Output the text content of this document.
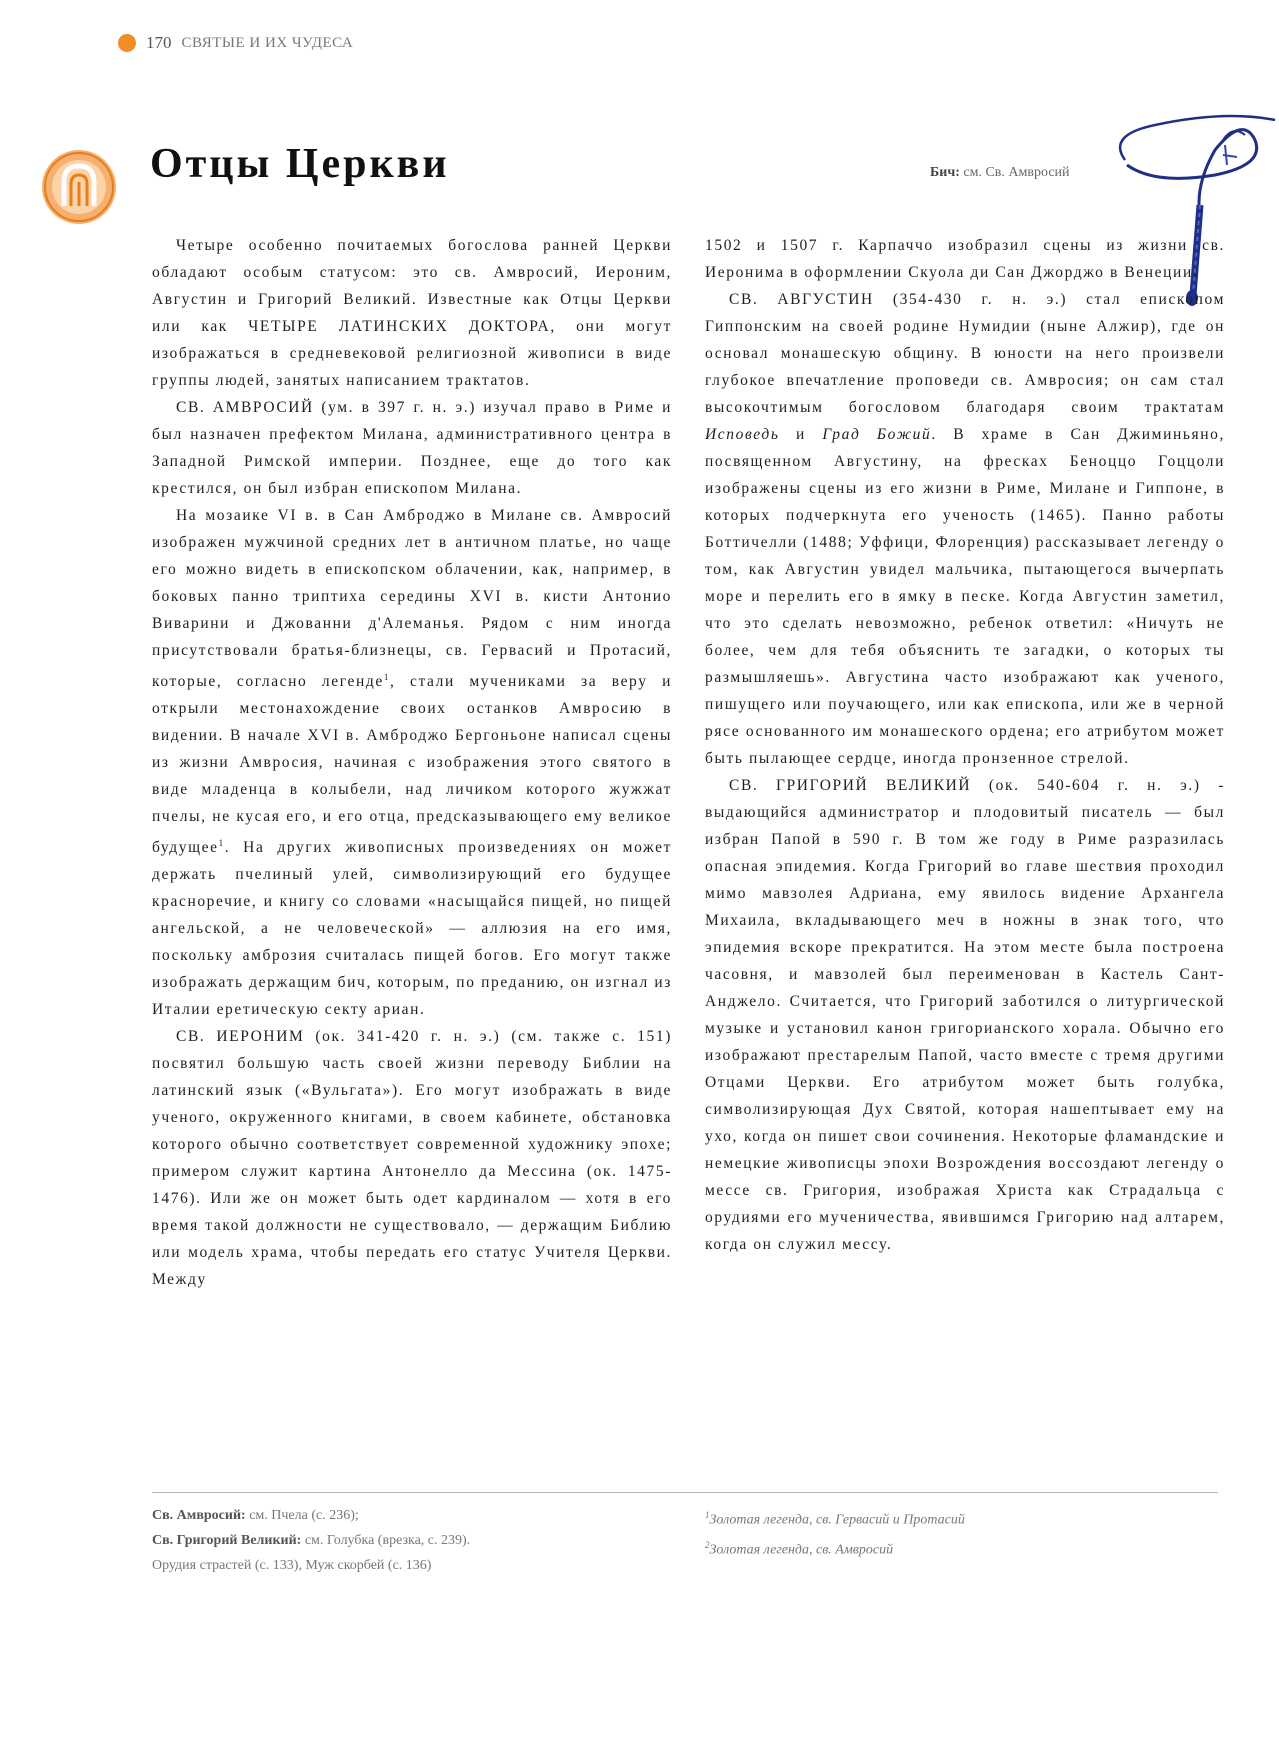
170 СВЯТЫЕ И ИХ ЧУДЕСА
Отцы Церкви	Бич: см. Св. Амвросий

Четыре особенно почитаемых богослова ранней Церкви обладают особым статусом: это св. Амвросий, Иероним, Августин и Григорий Великий. Известные как Отцы Церкви или как ЧЕТЫРЕ ЛАТИНСКИХ ДОКТОРА, они могут изображаться в средневековой религиозной живописи в виде группы людей, занятых написанием трактатов.

СВ. АМВРОСИЙ (ум. в 397 г. н. э.) изучал право в Риме и был назначен префектом Милана, административного центра в Западной Римской империи. Позднее, еще до того как крестился, он был избран епископом Милана.

На мозаике VI в. в Сан Амброджо в Милане св. Амвросий изображен мужчиной средних лет в античном платье, но чаще его можно видеть в епископском облачении, как, например, в боковых панно триптиха середины XVI в. кисти Антонио Виварини и Джованни д'Алеманья. Рядом с ним иногда присутствовали братья-близнецы, св. Гервасий и Протасий, которые, согласно легенде$^1$, стали мучениками за веру и открыли местонахождение своих останков Амвросию в видении. В начале XVI в. Амброджо Бергоньоне написал сцены из жизни Амвросия, начиная с изображения этого святого в виде младенца в колыбели, над личиком которого жужжат пчелы, не кусая его, и его отца, предсказывающего ему великое будущее$^1$. На других живописных произведениях он может держать пчелиный улей, символизирующий его будущее красноречие, и книгу со словами «насыщайся пищей, но пищей ангельской, а не человеческой» — аллюзия на его имя, поскольку амброзия считалась пищей богов. Его могут также изображать держащим бич, которым, по преданию, он изгнал из Италии еретическую секту ариан.

СВ. ИЕРОНИМ (ок. 341-420 г. н. э.) (см. также с. 151) посвятил большую часть своей жизни переводу Библии на латинский язык («Вульгата»). Его могут изображать в виде ученого, окруженного книгами, в своем кабинете, обстановка которого обычно соответствует современной художнику эпохе; примером служит картина Антонелло да Мессина (ок. 1475-1476). Или же он может быть одет кардиналом — хотя в его время такой должности не существовало, — держащим Библию или модель храма, чтобы передать его статус Учителя Церкви. Между

1502 и 1507 г. Карпаччо изобразил сцены из жизни св. Иеронима в оформлении Скуола ди Сан Джорджо в Венеции.

СВ. АВГУСТИН (354-430 г. н. э.) стал епископом Гиппонским на своей родине Нумидии (ныне Алжир), где он основал монашескую общину. В юности на него произвели глубокое впечатление проповеди св. Амвросия; он сам стал высокочтимым богословом благодаря своим трактатам Исповедь и Град Божий. В храме в Сан Джиминьяно, посвященном Августину, на фресках Беноццо Гоццоли изображены сцены из его жизни в Риме, Милане и Гиппоне, в которых подчеркнута его ученость (1465). Панно работы Боттичелли (1488; Уффици, Флоренция) рассказывает легенду о том, как Августин увидел мальчика, пытающегося вычерпать море и перелить его в ямку в песке. Когда Августин заметил, что это сделать невозможно, ребенок ответил: «Ничуть не более, чем для тебя объяснить те загадки, о которых ты размышляешь». Августина часто изображают как ученого, пишущего или поучающего, или как епископа, или же в черной рясе основанного им монашеского ордена; его атрибутом может быть пылающее сердце, иногда пронзенное стрелой.

СВ. ГРИГОРИЙ ВЕЛИКИЙ (ок. 540-604 г. н. э.) - выдающийся администратор и плодовитый писатель — был избран Папой в 590 г. В том же году в Риме разразилась опасная эпидемия. Когда Григорий во главе шествия проходил мимо мавзолея Адриана, ему явилось видение Архангела Михаила, вкладывающего меч в ножны в знак того, что эпидемия вскоре прекратится. На этом месте была построена часовня, и мавзолей был переименован в Кастель Сант-Анджело. Считается, что Григорий заботился о литургической музыке и установил канон григорианского хорала. Обычно его изображают престарелым Папой, часто вместе с тремя другими Отцами Церкви. Его атрибутом может быть голубка, символизирующая Дух Святой, которая нашептывает ему на ухо, когда он пишет свои сочинения. Некоторые фламандские и немецкие живописцы эпохи Возрождения воссоздают легенду о мессе св. Григория, изображая Христа как Страдальца с орудиями его мученичества, явившимся Григорию над алтарем, когда он служил мессу.

Св. Амвросий: см. Пчела (с. 236);
Св. Григорий Великий: см. Голубка (врезка, с. 239).
Орудия страстей (с. 133), Муж скорбей (с. 136)
$^1$Золотая легенда, св. Гервасий и Протасий
$^2$Золотая легенда, св. Амвросий
